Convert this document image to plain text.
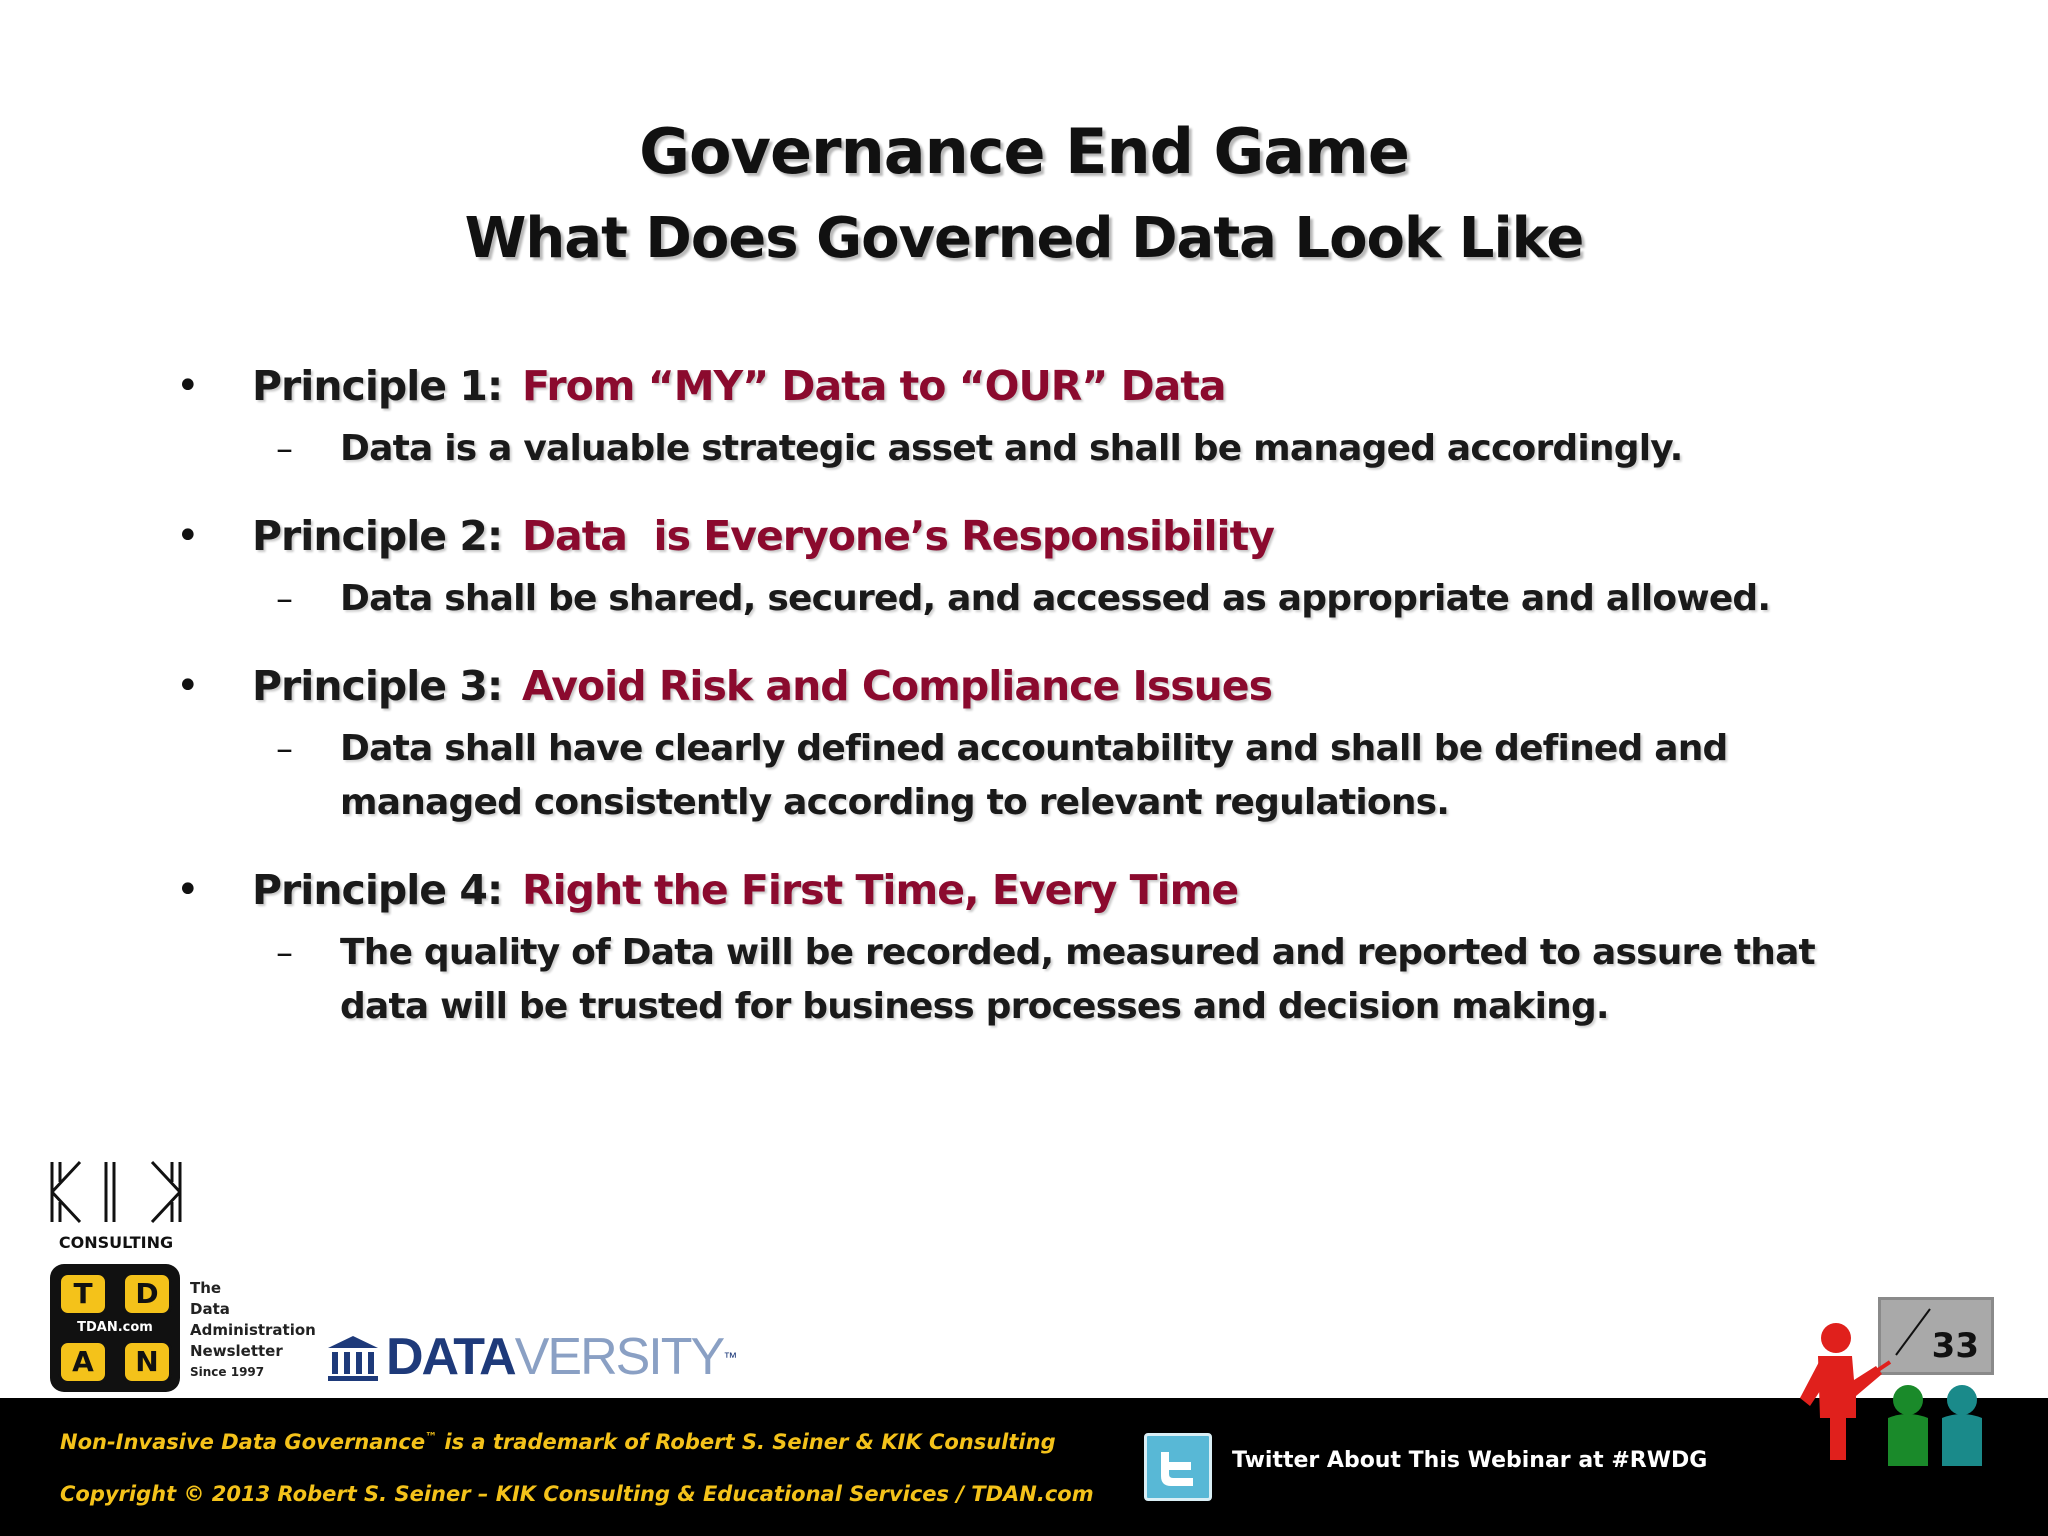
Governance End Game
What Does Governed Data Look Like
• Principle 1: From “MY” Data to “OUR” Data
– Data is a valuable strategic asset and shall be managed accordingly.
• Principle 2: Data  is Everyone’s Responsibility
– Data shall be shared, secured, and accessed as appropriate and allowed.
• Principle 3: Avoid Risk and Compliance Issues
– Data shall have clearly defined accountability and shall be defined and managed consistently according to relevant regulations.
• Principle 4: Right the First Time, Every Time
– The quality of Data will be recorded, measured and reported to assure that data will be trusted for business processes and decision making.
CONSULTING
T	D
A	N
TDAN.com
The
Data
Administration
Newsletter
Since 1997	DATAVERSITY™	33
Non-Invasive Data Governance™ is a trademark of Robert S. Seiner & KIK Consulting
Copyright © 2013 Robert S. Seiner – KIK Consulting & Educational Services / TDAN.com
Twitter About This Webinar at #RWDG
